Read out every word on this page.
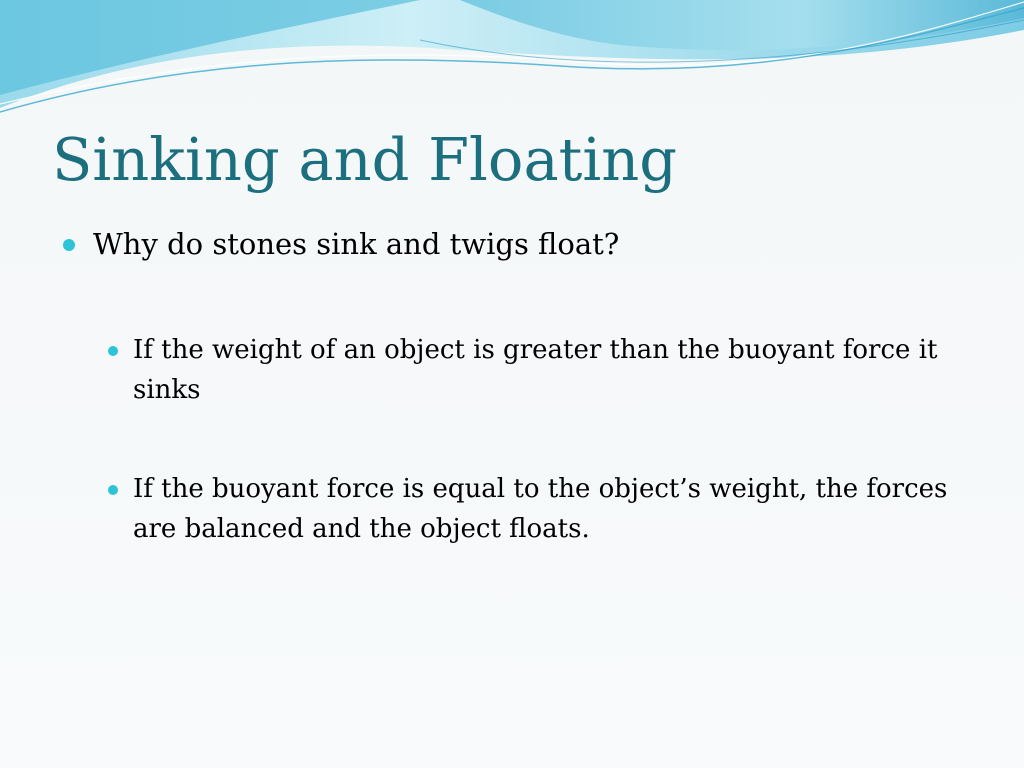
Sinking and Floating
Why do stones sink and twigs float?
If the weight of an object is greater than the buoyant force it sinks
If the buoyant force is equal to the object’s weight, the forces are balanced and the object floats.
